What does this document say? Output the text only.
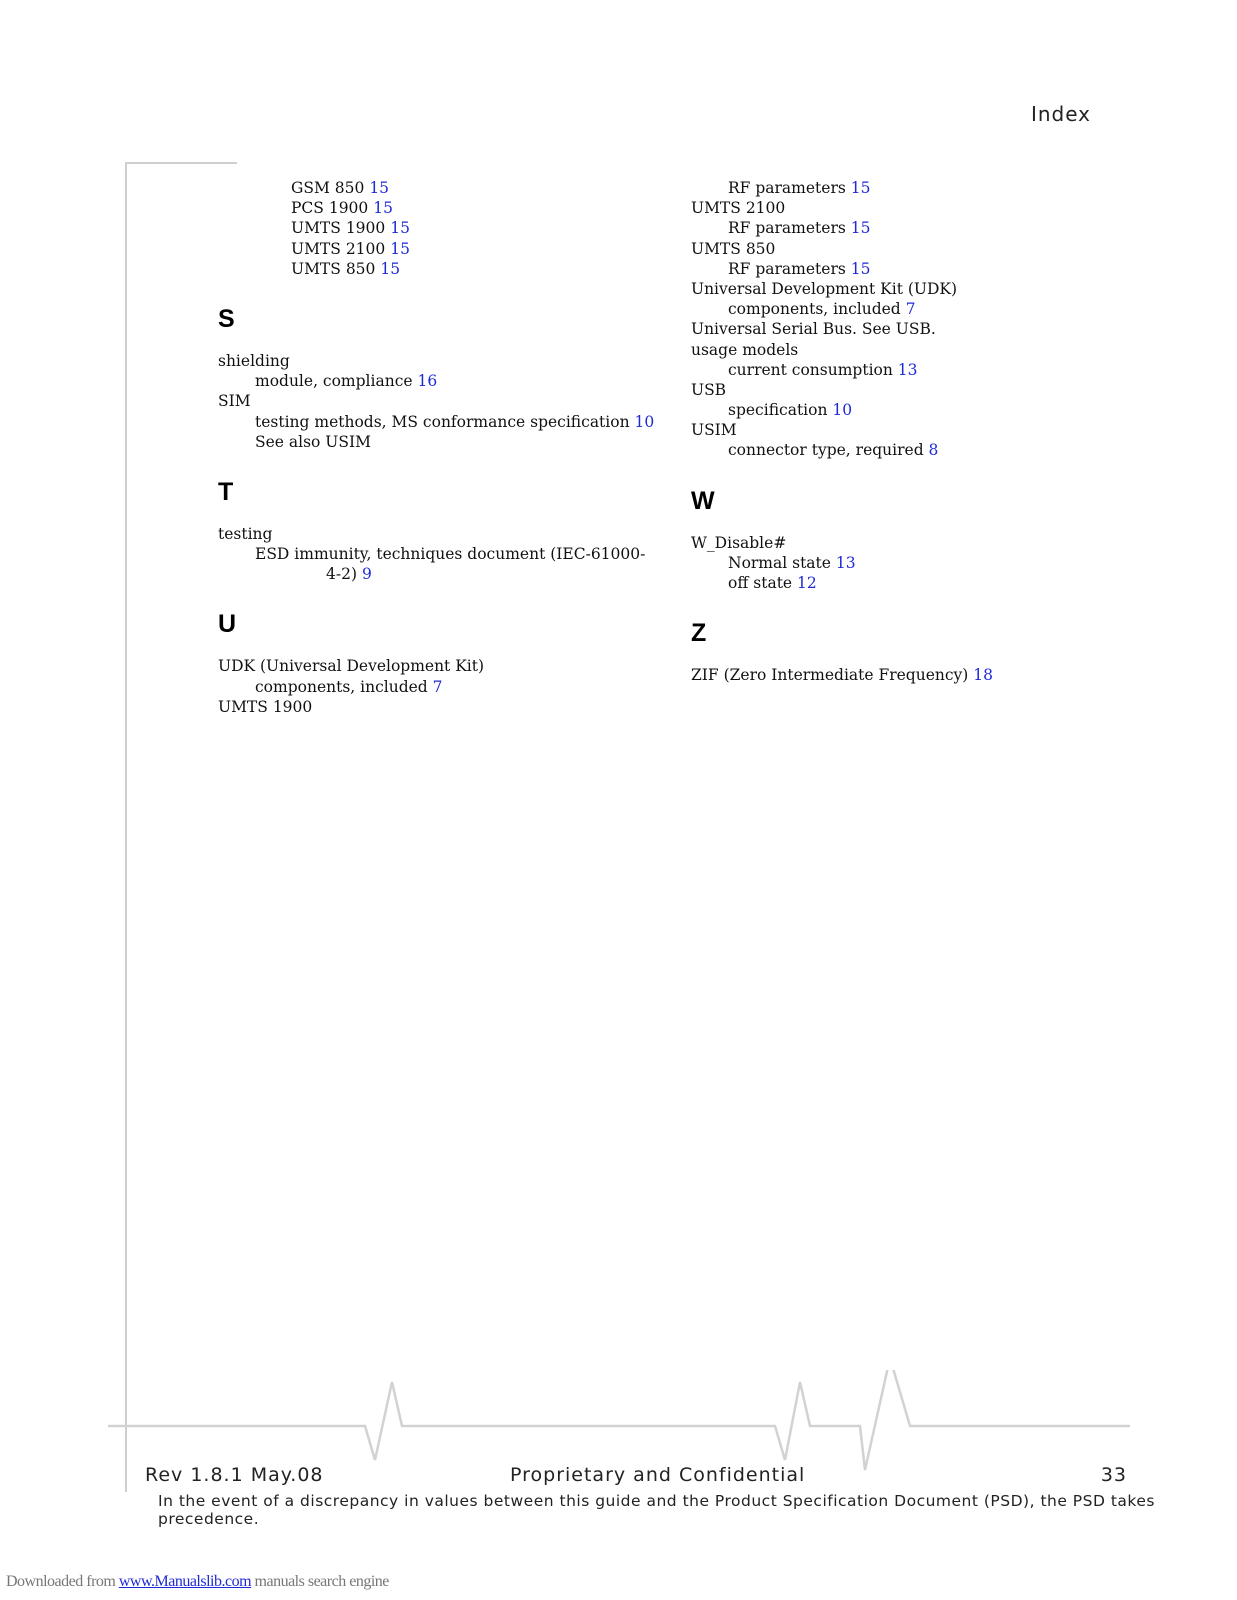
Index
GSM 850 15
PCS 1900 15
UMTS 1900 15
UMTS 2100 15
UMTS 850 15
S
shielding
module, compliance 16
SIM
testing methods, MS conformance specification 10
See also USIM
T
testing
ESD immunity, techniques document (IEC-61000-
4-2) 9
U
UDK (Universal Development Kit)
components, included 7
UMTS 1900
RF parameters 15
UMTS 2100
RF parameters 15
UMTS 850
RF parameters 15
Universal Development Kit (UDK)
components, included 7
Universal Serial Bus. See USB.
usage models
current consumption 13
USB
specification 10
USIM
connector type, required 8
W
W_Disable#
Normal state 13
off state 12
Z
ZIF (Zero Intermediate Frequency) 18
Rev 1.8.1 May.08	Proprietary and Confidential	33
In the event of a discrepancy in values between this guide and the Product Specification Document (PSD), the PSD takes precedence.
Downloaded from www.Manualslib.com manuals search engine
